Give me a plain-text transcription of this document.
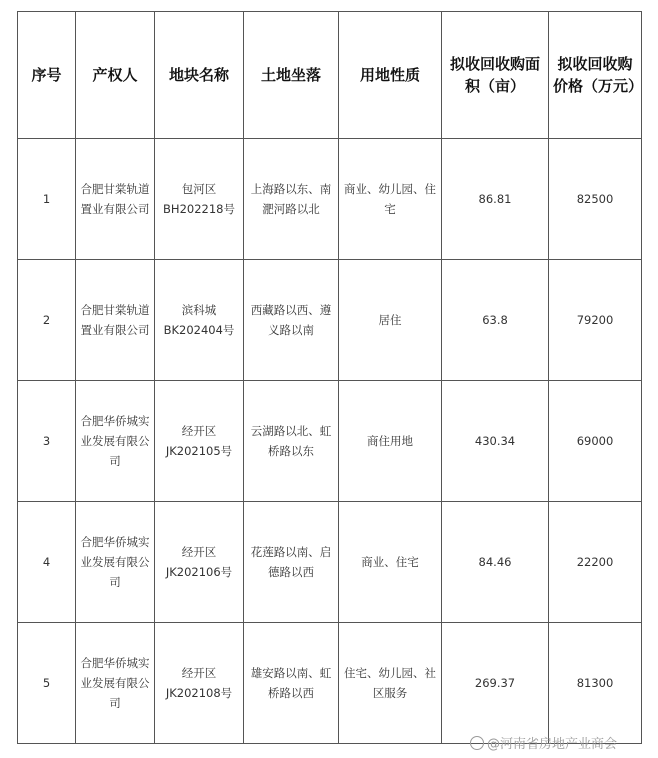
序号	产权人	地块名称	土地坐落	用地性质	拟收回收购面积（亩）	拟收回收购价格（万元）
1	合肥甘棠轨道置业有限公司	包河区BH202218号	上海路以东、南淝河路以北	商业、幼儿园、住宅	86.81	82500
2	合肥甘棠轨道置业有限公司	滨科城BK202404号	西藏路以西、遵义路以南	居住	63.8	79200
3	合肥华侨城实业发展有限公司	经开区JK202105号	云湖路以北、虹桥路以东	商住用地	430.34	69000
4	合肥华侨城实业发展有限公司	经开区JK202106号	花莲路以南、启德路以西	商业、住宅	84.46	22200
5	合肥华侨城实业发展有限公司	经开区JK202108号	雄安路以南、虹桥路以西	住宅、幼儿园、社区服务	269.37	81300
@河南省房地产业商会
